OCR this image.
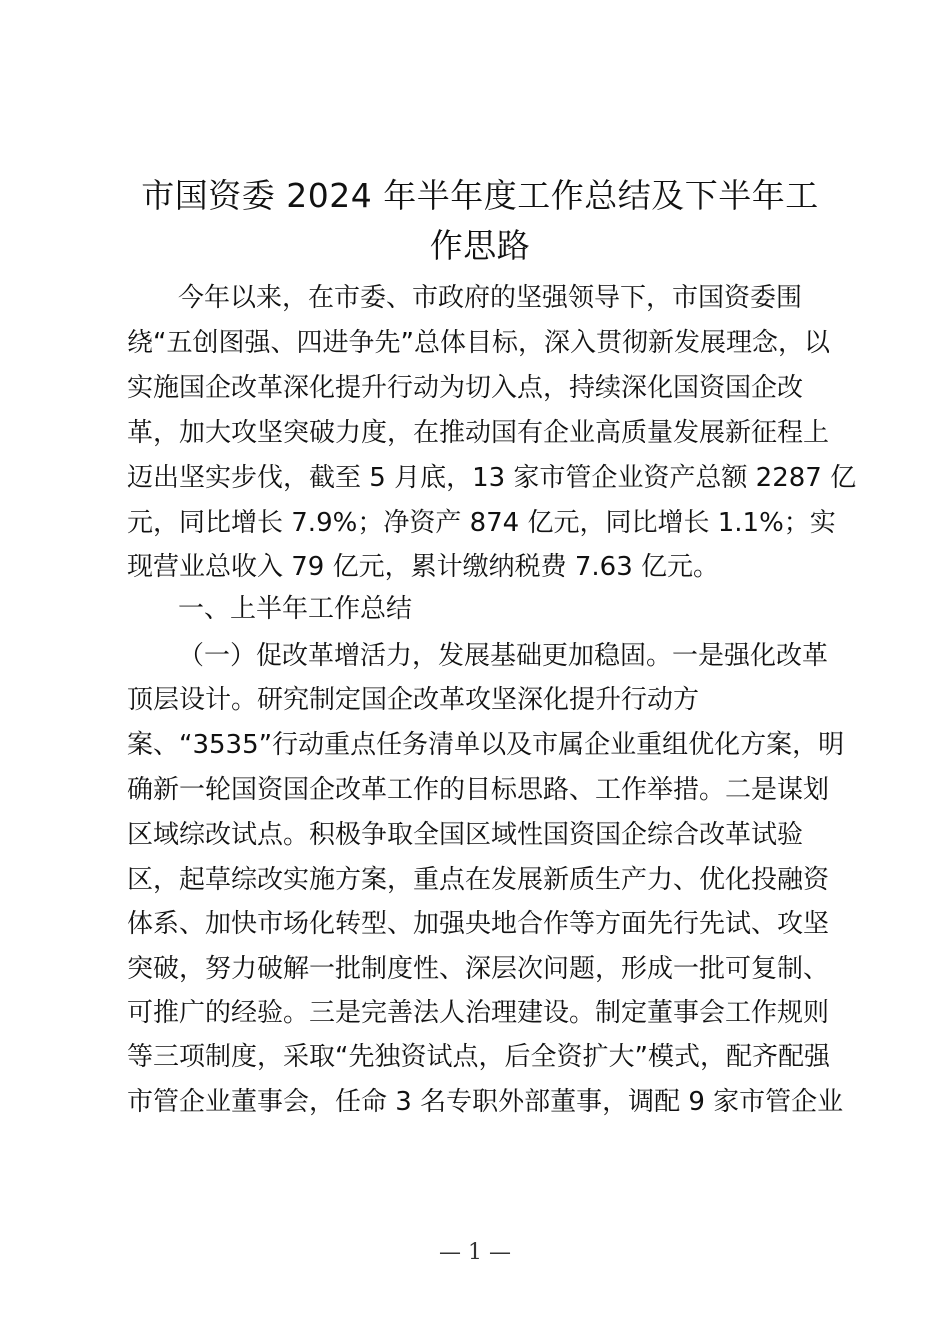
市国资委 2024 年半年度工作总结及下半年工
作思路
今年以来，在市委、市政府的坚强领导下，市国资委围
绕“五创图强、四进争先”总体目标，深入贯彻新发展理念，以
实施国企改革深化提升行动为切入点，持续深化国资国企改
革，加大攻坚突破力度，在推动国有企业高质量发展新征程上
迈出坚实步伐，截至 5 月底，13 家市管企业资产总额 2287 亿
元，同比增长 7.9%；净资产 874 亿元，同比增长 1.1%；实
现营业总收入 79 亿元，累计缴纳税费 7.63 亿元。
一、上半年工作总结
（一）促改革增活力，发展基础更加稳固。一是强化改革
顶层设计。研究制定国企改革攻坚深化提升行动方
案、“3535”行动重点任务清单以及市属企业重组优化方案，明
确新一轮国资国企改革工作的目标思路、工作举措。二是谋划
区域综改试点。积极争取全国区域性国资国企综合改革试验
区，起草综改实施方案，重点在发展新质生产力、优化投融资
体系、加快市场化转型、加强央地合作等方面先行先试、攻坚
突破，努力破解一批制度性、深层次问题，形成一批可复制、
可推广的经验。三是完善法人治理建设。制定董事会工作规则
等三项制度，采取“先独资试点，后全资扩大”模式，配齐配强
市管企业董事会，任命 3 名专职外部董事，调配 9 家市管企业
— 1 —
